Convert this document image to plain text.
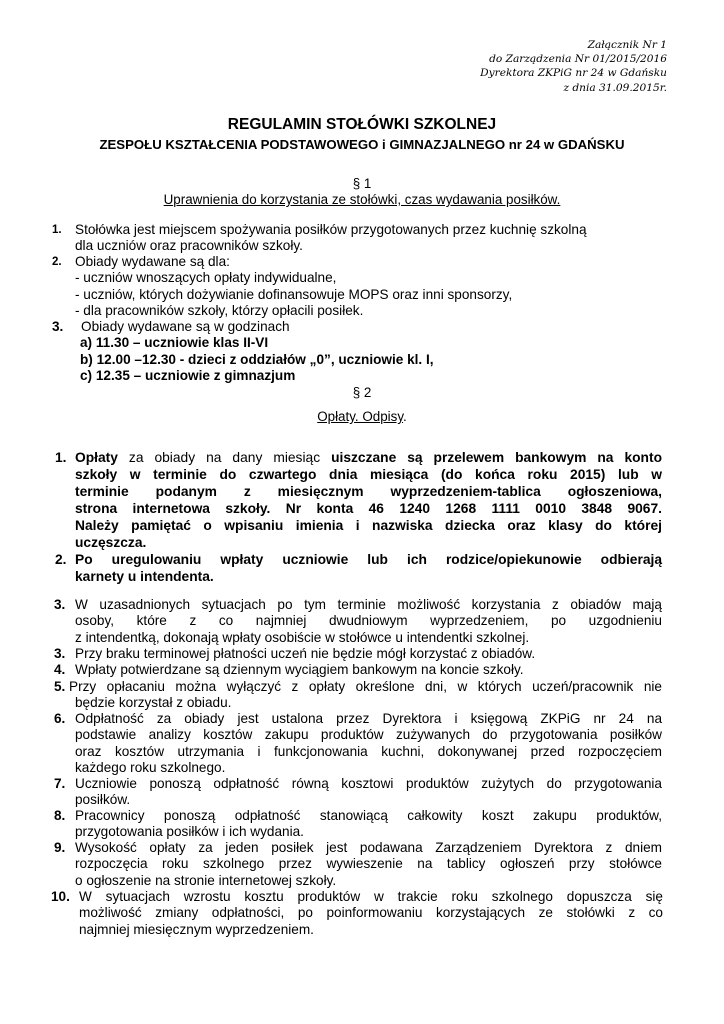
Załącznik Nr 1
do Zarządzenia Nr 01/2015/2016
Dyrektora ZKPiG nr 24 w Gdańsku
z dnia 31.09.2015r.
REGULAMIN STOŁÓWKI SZKOLNEJ
ZESPOŁU KSZTAŁCENIA PODSTAWOWEGO i GIMNAZJALNEGO nr 24 w GDAŃSKU
§ 1
Uprawnienia do korzystania ze stołówki, czas wydawania posiłków.
1. Stołówka jest miejscem spożywania posiłków przygotowanych przez kuchnię szkolną
dla uczniów oraz pracowników szkoły.
2. Obiady wydawane są dla:
- uczniów wnoszących opłaty indywidualne,
- uczniów, których dożywianie dofinansowuje MOPS oraz inni sponsorzy,
- dla pracowników szkoły, którzy opłacili posiłek.
3. Obiady wydawane są w godzinach
a) 11.30 – uczniowie klas II-VI
b) 12.00 –12.30 - dzieci z oddziałów „0”, uczniowie kl. I,
c) 12.35 – uczniowie z gimnazjum
§ 2
Opłaty. Odpisy.
1. Opłaty za obiady na dany miesiąc uiszczane są przelewem bankowym na konto
szkoły w terminie do czwartego dnia miesiąca (do końca roku 2015) lub w
terminie podanym z miesięcznym wyprzedzeniem-tablica ogłoszeniowa,
strona internetowa szkoły. Nr konta 46 1240 1268 1111 0010 3848 9067.
Należy pamiętać o wpisaniu imienia i nazwiska dziecka oraz klasy do której
uczęszcza.
2. Po uregulowaniu wpłaty uczniowie lub ich rodzice/opiekunowie odbierają
karnety u intendenta.
3. W uzasadnionych sytuacjach po tym terminie możliwość korzystania z obiadów mają
osoby, które z co najmniej dwudniowym wyprzedzeniem, po uzgodnieniu
z intendentką, dokonają wpłaty osobiście w stołówce u intendentki szkolnej.
3. Przy braku terminowej płatności uczeń nie będzie mógł korzystać z obiadów.
4. Wpłaty potwierdzane są dziennym wyciągiem bankowym na koncie szkoły.
5. Przy opłacaniu można wyłączyć z opłaty określone dni, w których uczeń/pracownik nie
będzie korzystał z obiadu.
6. Odpłatność za obiady jest ustalona przez Dyrektora i księgową ZKPiG nr 24 na
podstawie analizy kosztów zakupu produktów zużywanych do przygotowania posiłków
oraz kosztów utrzymania i funkcjonowania kuchni, dokonywanej przed rozpoczęciem
każdego roku szkolnego.
7. Uczniowie ponoszą odpłatność równą kosztowi produktów zużytych do przygotowania
posiłków.
8. Pracownicy ponoszą odpłatność stanowiącą całkowity koszt zakupu produktów,
przygotowania posiłków i ich wydania.
9. Wysokość opłaty za jeden posiłek jest podawana Zarządzeniem Dyrektora z dniem
rozpoczęcia roku szkolnego przez wywieszenie na tablicy ogłoszeń przy stołówce
o ogłoszenie na stronie internetowej szkoły.
10. W sytuacjach wzrostu kosztu produktów w trakcie roku szkolnego dopuszcza się
możliwość zmiany odpłatności, po poinformowaniu korzystających ze stołówki z co
najmniej miesięcznym wyprzedzeniem.
